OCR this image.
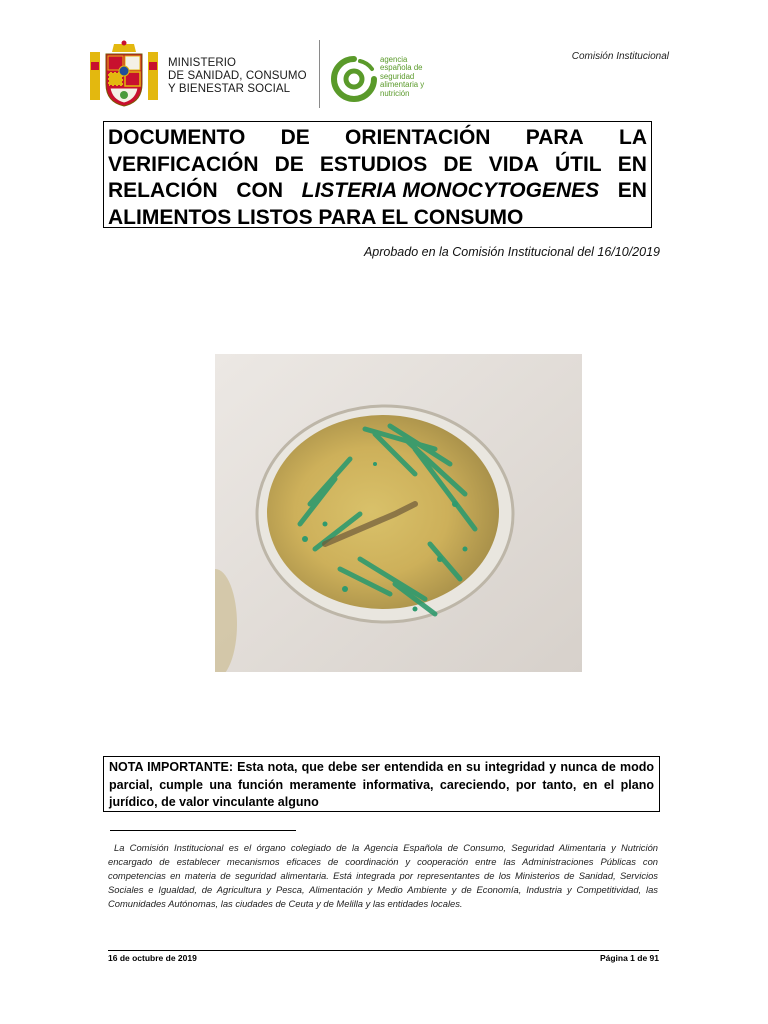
MINISTERIO
DE SANIDAD, CONSUMO
Y BIENESTAR SOCIAL
agencia
española de
seguridad
alimentaria y
nutrición
Comisión Institucional
DOCUMENTO DE ORIENTACIÓN PARA LA
VERIFICACIÓN DE ESTUDIOS DE VIDA ÚTIL EN
RELACIÓN CON LISTERIA MONOCYTOGENES EN
ALIMENTOS LISTOS PARA EL CONSUMO
Aprobado en la Comisión Institucional del 16/10/2019
NOTA IMPORTANTE: Esta nota, que debe ser entendida en su integridad y nunca de modo parcial, cumple una función meramente informativa, careciendo, por tanto, en el plano jurídico, de valor vinculante alguno
La Comisión Institucional es el órgano colegiado de la Agencia Española de Consumo, Seguridad Alimentaria y Nutrición encargado de establecer mecanismos eficaces de coordinación y cooperación entre las Administraciones Públicas con competencias en materia de seguridad alimentaria. Está integrada por representantes de los Ministerios de Sanidad, Servicios Sociales e Igualdad, de Agricultura y Pesca, Alimentación y Medio Ambiente y de Economía, Industria y Competitividad, las Comunidades Autónomas, las ciudades de Ceuta y de Melilla y las entidades locales.
16 de octubre de 2019	Página 1 de 91
